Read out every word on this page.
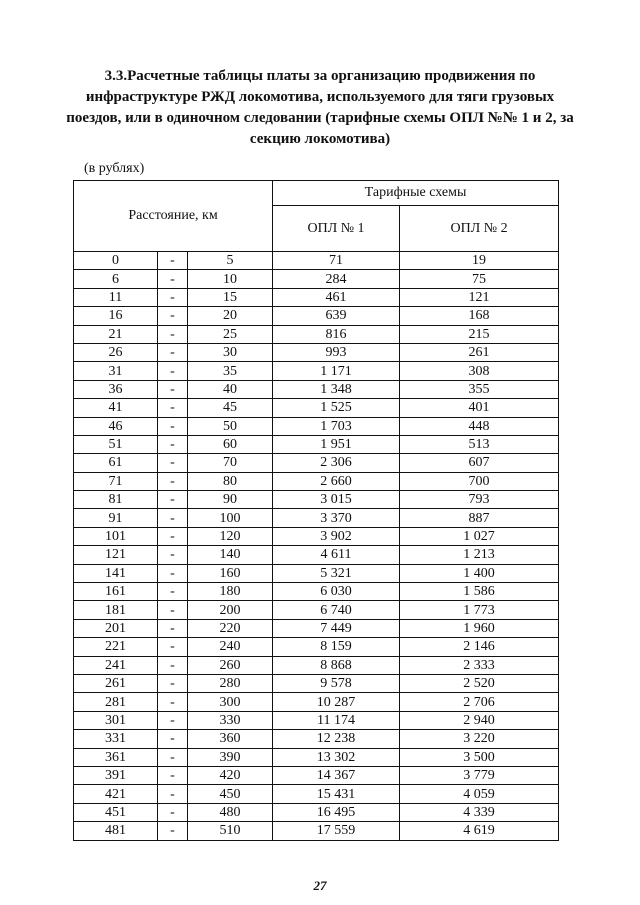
3.3.Расчетные таблицы платы за организацию продвижения по
инфраструктуре РЖД локомотива, используемого для тяги грузовых
поездов, или в одиночном следовании (тарифные схемы ОПЛ №№ 1 и 2, за
секцию локомотива)
(в рублях)
Расстояние, км			Тарифные схемы	
			ОПЛ № 1	ОПЛ № 2
0	-	5	71	19
6	-	10	284	75
11	-	15	461	121
16	-	20	639	168
21	-	25	816	215
26	-	30	993	261
31	-	35	1 171	308
36	-	40	1 348	355
41	-	45	1 525	401
46	-	50	1 703	448
51	-	60	1 951	513
61	-	70	2 306	607
71	-	80	2 660	700
81	-	90	3 015	793
91	-	100	3 370	887
101	-	120	3 902	1 027
121	-	140	4 611	1 213
141	-	160	5 321	1 400
161	-	180	6 030	1 586
181	-	200	6 740	1 773
201	-	220	7 449	1 960
221	-	240	8 159	2 146
241	-	260	8 868	2 333
261	-	280	9 578	2 520
281	-	300	10 287	2 706
301	-	330	11 174	2 940
331	-	360	12 238	3 220
361	-	390	13 302	3 500
391	-	420	14 367	3 779
421	-	450	15 431	4 059
451	-	480	16 495	4 339
481	-	510	17 559	4 619
27
